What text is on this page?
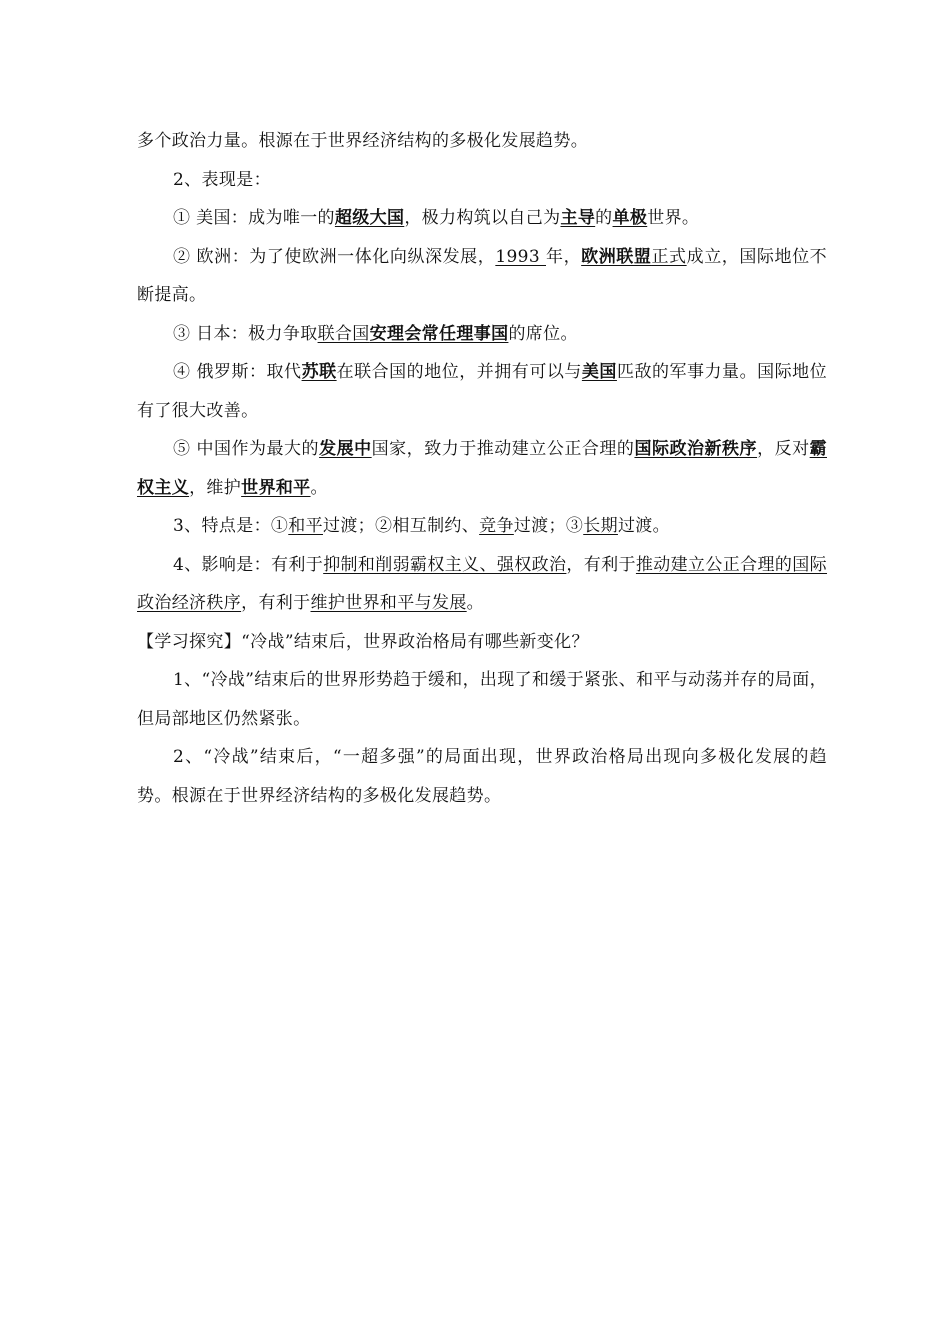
多个政治力量。根源在于世界经济结构的多极化发展趋势。

2、表现是：

① 美国：成为唯一的超级大国，极力构筑以自己为主导的单极世界。

② 欧洲：为了使欧洲一体化向纵深发展，1993 年，欧洲联盟正式成立，国际地位不断提高。

③ 日本：极力争取联合国安理会常任理事国的席位。

④ 俄罗斯：取代苏联在联合国的地位，并拥有可以与美国匹敌的军事力量。国际地位有了很大改善。

⑤ 中国作为最大的发展中国家，致力于推动建立公正合理的国际政治新秩序，反对霸权主义，维护世界和平。

3、特点是：①和平过渡；②相互制约、竞争过渡；③长期过渡。

4、影响是：有利于抑制和削弱霸权主义、强权政治，有利于推动建立公正合理的国际政治经济秩序，有利于维护世界和平与发展。

【学习探究】“冷战”结束后，世界政治格局有哪些新变化？

1、“冷战”结束后的世界形势趋于缓和，出现了和缓于紧张、和平与动荡并存的局面，但局部地区仍然紧张。

2、“冷战”结束后，“一超多强”的局面出现，世界政治格局出现向多极化发展的趋势。根源在于世界经济结构的多极化发展趋势。
